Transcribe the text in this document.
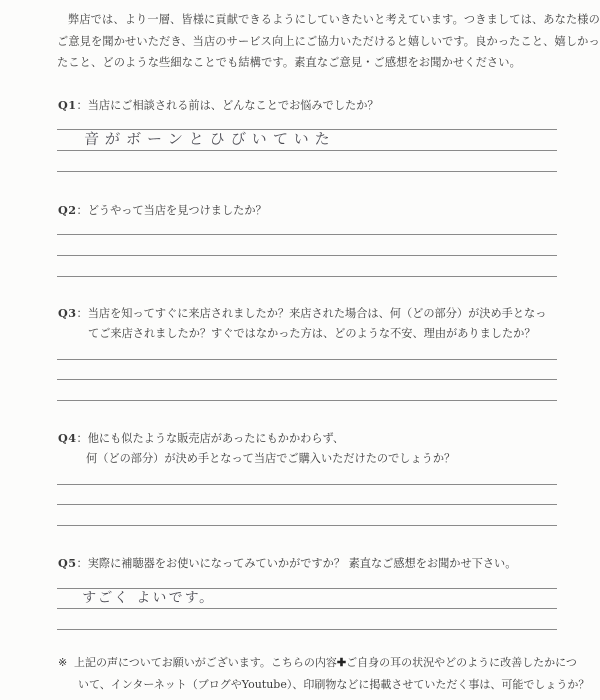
弊店では、より一層、皆様に貢献できるようにしていきたいと考えています。つきましては、あなた様の
ご意見を聞かせいただき、当店のサービス向上にご協力いただけると嬉しいです。良かったこと、嬉しかっ
たこと、どのような些細なことでも結構です。素直なご意見・ご感想をお聞かせください。
Q1：当店にご相談される前は、どんなことでお悩みでしたか？
音がボーンとひびいていた
Q2：どうやって当店を見つけましたか？
Q3：当店を知ってすぐに来店されましたか？来店された場合は、何（どの部分）が決め手となっ
てご来店されましたか？すぐではなかった方は、どのような不安、理由がありましたか？
Q4：他にも似たような販売店があったにもかかわらず、
何（どの部分）が決め手となって当店でご購入いただけたのでしょうか？
Q5：実際に補聴器をお使いになってみていかがですか？ 素直なご感想をお聞かせ下さい。
すごく よいです。
※ 上記の声についてお願いがございます。こちらの内容✚ご自身の耳の状況やどのように改善したかにつ
いて、インターネット（ブログやYoutube）、印刷物などに掲載させていただく事は、可能でしょうか？
